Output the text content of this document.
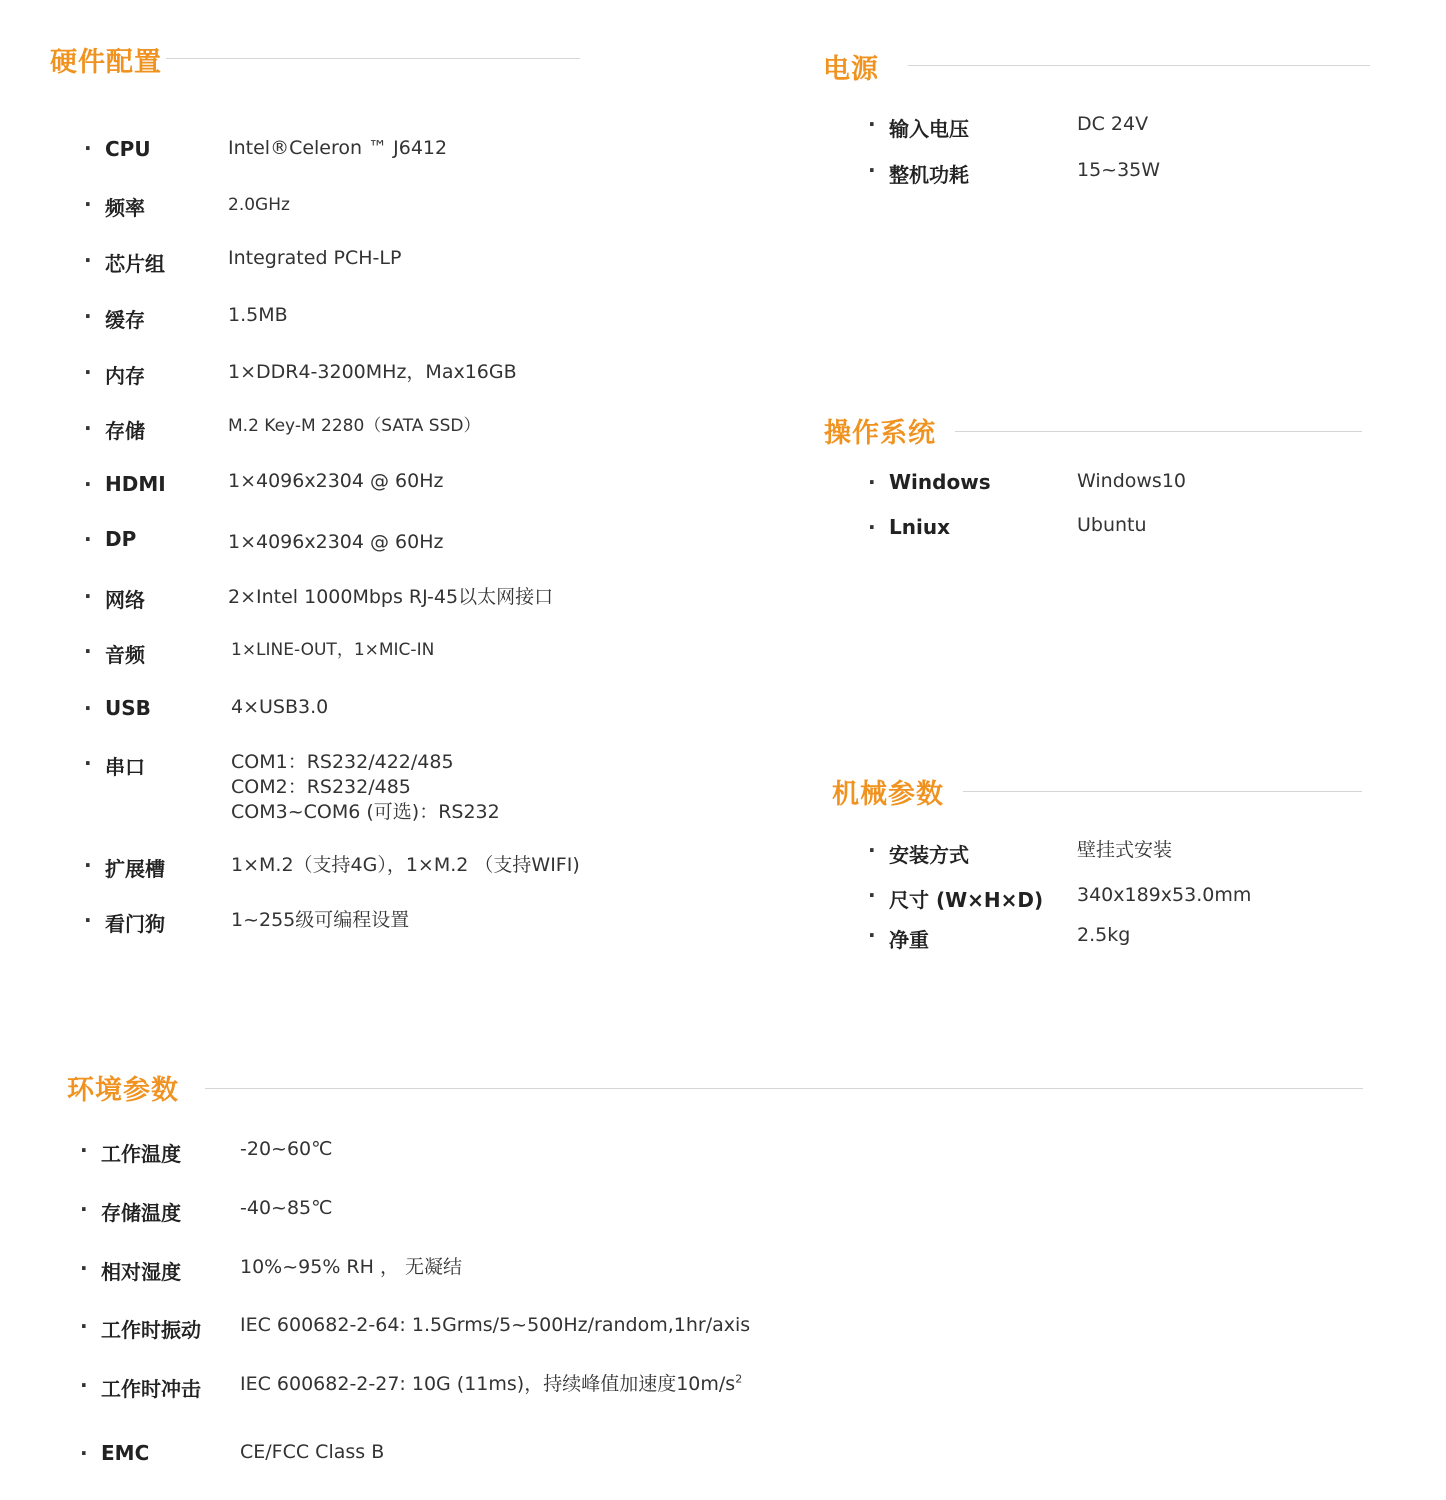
硬件配置
· CPU	Intel®Celeron ™ J6412
· 频率	2.0GHz
· 芯片组	Integrated PCH-LP
· 缓存	1.5MB
· 内存	1×DDR4-3200MHz，Max16GB
· 存储	M.2 Key-M 2280（SATA SSD）
· HDMI	1×4096x2304 @ 60Hz
· DP	1×4096x2304 @ 60Hz
· 网络	2×Intel 1000Mbps RJ-45以太网接口
· 音频	1×LINE-OUT，1×MIC-IN
· USB	4×USB3.0
· 串口	COM1：RS232/422/485
COM2：RS232/485
COM3~COM6 (可选)：RS232
· 扩展槽	1×M.2（支持4G），1×M.2 （支持WIFI)
· 看门狗	1~255级可编程设置
电源
· 输入电压	DC 24V
· 整机功耗	15~35W
操作系统
· Windows	Windows10
· Lniux	Ubuntu
机械参数
· 安装方式	壁挂式安装
· 尺寸 (W×H×D) 340x189x53.0mm
· 净重	2.5kg
环境参数
· 工作温度	-20~60℃
· 存储温度	-40~85℃
· 相对湿度	10%~95% RH ， 无凝结
· 工作时振动 IEC 600682-2-64: 1.5Grms/5~500Hz/random,1hr/axis
· 工作时冲击 IEC 600682-2-27: 10G (11ms)，持续峰值加速度$10m/s^2$
· EMC	CE/FCC Class B
